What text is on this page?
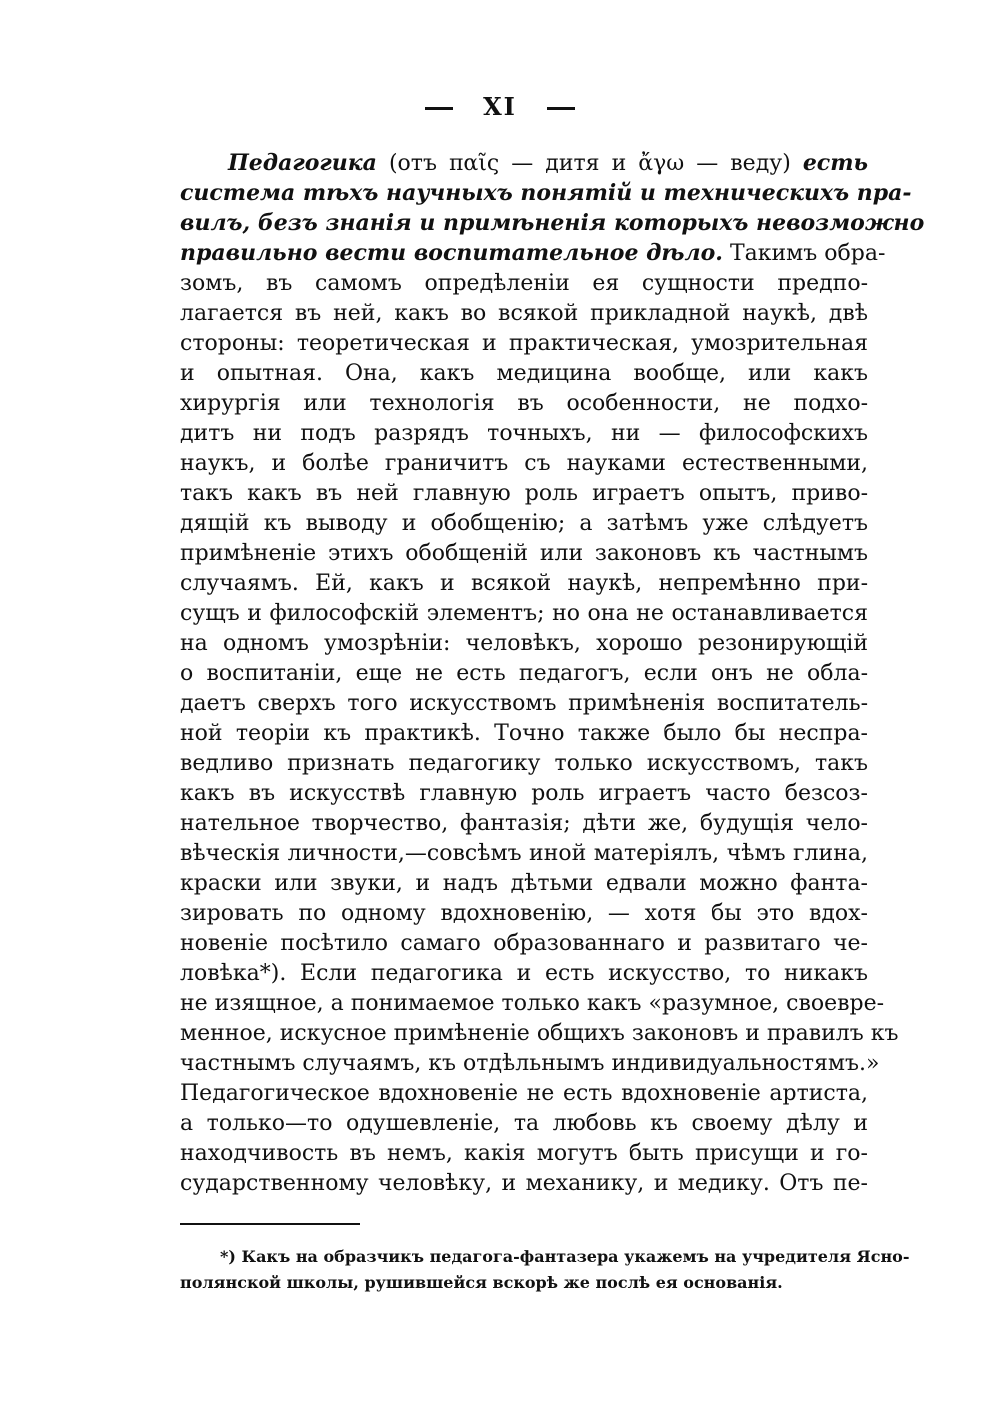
XI
Педагогика (отъ παῖς — дитя и ἄγω — веду) есть
система тѣхъ научныхъ понятій и техническихъ пра-
вилъ, безъ знанія и примѣненія которыхъ невозможно
правильно вести воспитательное дѣло. Такимъ обра-
зомъ, въ самомъ опредѣленіи ея сущности предпо-
лагается въ ней, какъ во всякой прикладной наукѣ, двѣ
стороны: теоретическая и практическая, умозрительная
и опытная. Она, какъ медицина вообще, или какъ
хирургія или технологія въ особенности, не подхо-
дитъ ни подъ разрядъ точныхъ, ни — философскихъ
наукъ, и болѣе граничитъ съ науками естественными,
такъ какъ въ ней главную роль играетъ опытъ, приво-
дящій къ выводу и обобщенію; а затѣмъ уже слѣдуетъ
примѣненіе этихъ обобщеній или законовъ къ частнымъ
случаямъ. Ей, какъ и всякой наукѣ, непремѣнно при-
сущъ и философскій элементъ; но она не останавливается
на одномъ умозрѣніи: человѣкъ, хорошо резонирующій
о воспитаніи, еще не есть педагогъ, если онъ не обла-
даетъ сверхъ того искусствомъ примѣненія воспитатель-
ной теоріи къ практикѣ. Точно также было бы неспра-
ведливо признать педагогику только искусствомъ, такъ
какъ въ искусствѣ главную роль играетъ часто безсоз-
нательное творчество, фантазія; дѣти же, будущія чело-
вѣческія личности,—совсѣмъ иной матеріялъ, чѣмъ глина,
краски или звуки, и надъ дѣтьми едвали можно фанта-
зировать по одному вдохновенію, — хотя бы это вдох-
новеніе посѣтило самаго образованнаго и развитаго че-
ловѣка*). Если педагогика и есть искусство, то никакъ
не изящное, а понимаемое только какъ «разумное, своевре-
менное, искусное примѣненіе общихъ законовъ и правилъ къ
частнымъ случаямъ, къ отдѣльнымъ индивидуальностямъ.»
Педагогическое вдохновеніе не есть вдохновеніе артиста,
а только—то одушевленіе, та любовь къ своему дѣлу и
находчивость въ немъ, какія могутъ быть присущи и го-
сударственному человѣку, и механику, и медику. Отъ пе-
*) Какъ на образчикъ педагога-фантазера укажемъ на учредителя Ясно-
полянской школы, рушившейся вскорѣ же послѣ ея основанія.
